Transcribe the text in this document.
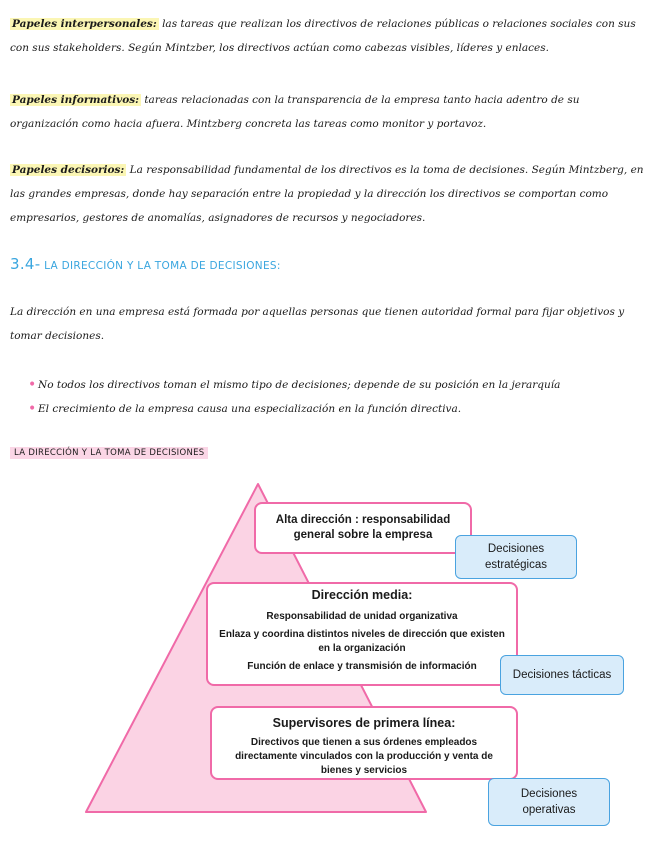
Papeles interpersonales: las tareas que realizan los directivos de relaciones públicas o relaciones sociales con sus con sus stakeholders. Según Mintzber, los directivos actúan como cabezas visibles, líderes y enlaces.
Papeles informativos: tareas relacionadas con la transparencia de la empresa tanto hacia adentro de su organización como hacia afuera. Mintzberg concreta las tareas como monitor y portavoz.
Papeles decisorios: La responsabilidad fundamental de los directivos es la toma de decisiones. Según Mintzberg, en las grandes empresas, donde hay separación entre la propiedad y la dirección los directivos se comportan como empresarios, gestores de anomalías, asignadores de recursos y negociadores.
3.4- LA DIRECCIÓN Y LA TOMA DE DECISIONES:
La dirección en una empresa está formada por aquellas personas que tienen autoridad formal para fijar objetivos y tomar decisiones.
• No todos los directivos toman el mismo tipo de decisiones; depende de su posición en la jerarquía
• El crecimiento de la empresa causa una especialización en la función directiva.
LA DIRECCIÓN Y LA TOMA DE DECISIONES
Alta dirección : responsabilidad general sobre la empresa
Decisiones estratégicas
Dirección media:
Responsabilidad de unidad organizativa
Enlaza y coordina distintos niveles de dirección que existen en la organización
Función de enlace y transmisión de información
Decisiones tácticas
Supervisores de primera línea:
Directivos que tienen a sus órdenes empleados directamente vinculados con la producción y venta de bienes y servicios
Decisiones operativas
